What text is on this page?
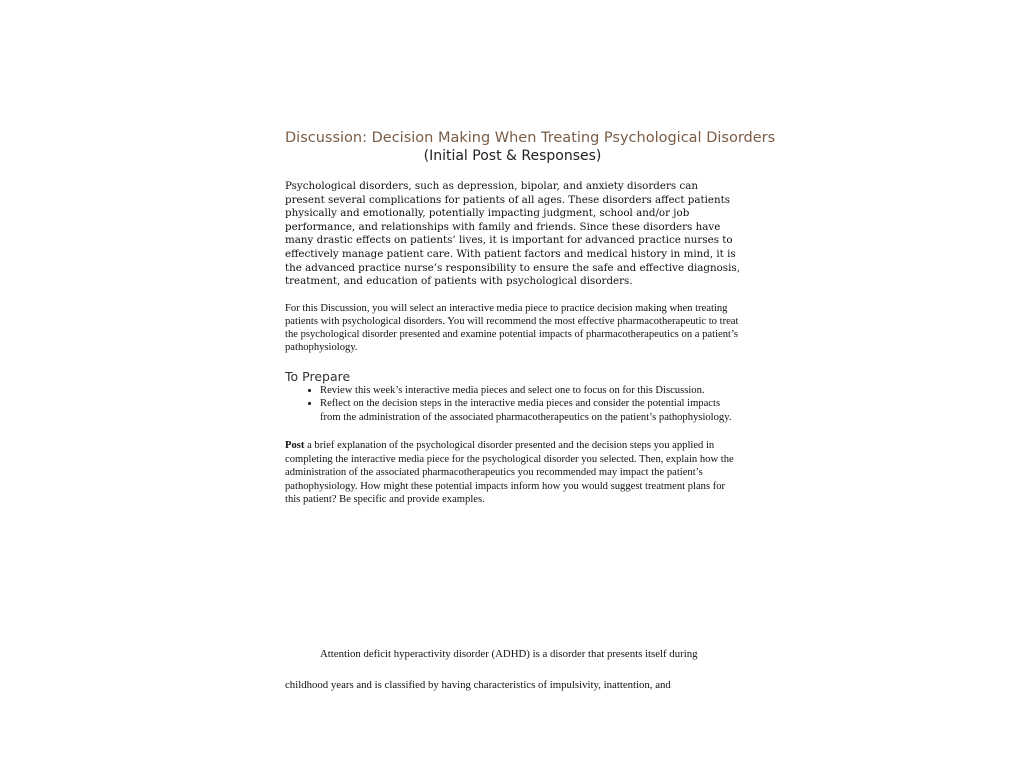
Discussion: Decision Making When Treating Psychological Disorders
(Initial Post & Responses)

Psychological disorders, such as depression, bipolar, and anxiety disorders can present several complications for patients of all ages. These disorders affect patients physically and emotionally, potentially impacting judgment, school and/or job performance, and relationships with family and friends. Since these disorders have many drastic effects on patients’ lives, it is important for advanced practice nurses to effectively manage patient care. With patient factors and medical history in mind, it is the advanced practice nurse’s responsibility to ensure the safe and effective diagnosis, treatment, and education of patients with psychological disorders.

For this Discussion, you will select an interactive media piece to practice decision making when treating patients with psychological disorders. You will recommend the most effective pharmacotherapeutic to treat the psychological disorder presented and examine potential impacts of pharmacotherapeutics on a patient’s pathophysiology.

To Prepare
• Review this week’s interactive media pieces and select one to focus on for this Discussion.
• Reflect on the decision steps in the interactive media pieces and consider the potential impacts from the administration of the associated pharmacotherapeutics on the patient’s pathophysiology.

Post a brief explanation of the psychological disorder presented and the decision steps you applied in completing the interactive media piece for the psychological disorder you selected. Then, explain how the administration of the associated pharmacotherapeutics you recommended may impact the patient’s pathophysiology. How might these potential impacts inform how you would suggest treatment plans for this patient? Be specific and provide examples.

Attention deficit hyperactivity disorder (ADHD) is a disorder that presents itself during

childhood years and is classified by having characteristics of impulsivity, inattention, and
